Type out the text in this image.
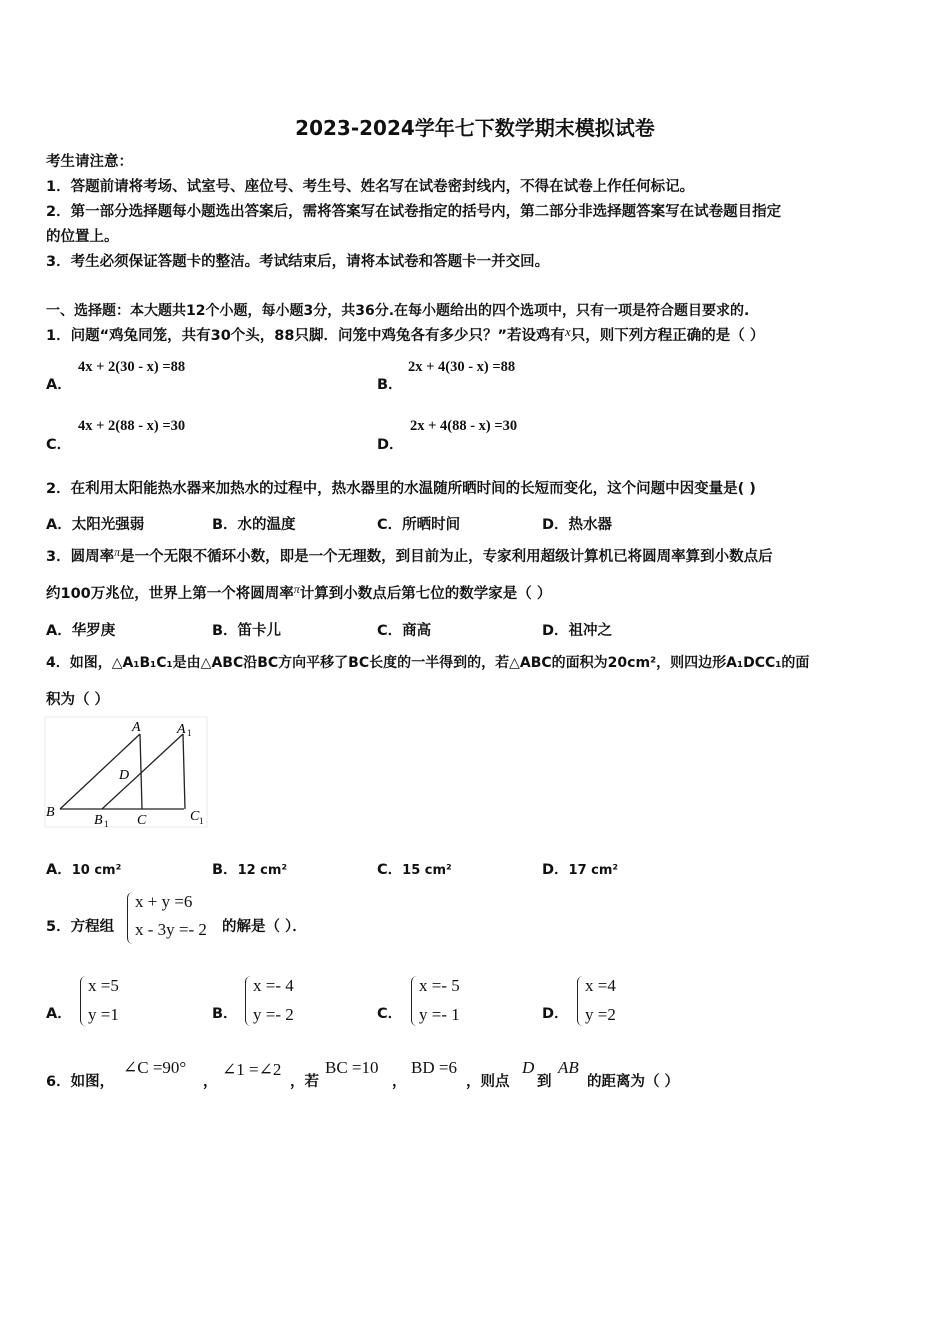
2023-2024学年七下数学期末模拟试卷
考生请注意：
1．答题前请将考场、试室号、座位号、考生号、姓名写在试卷密封线内，不得在试卷上作任何标记。
2．第一部分选择题每小题选出答案后，需将答案写在试卷指定的括号内，第二部分非选择题答案写在试卷题目指定
的位置上。
3．考生必须保证答题卡的整洁。考试结束后，请将本试卷和答题卡一并交回。
一、选择题：本大题共12个小题，每小题3分，共36分.在每小题给出的四个选项中，只有一项是符合题目要求的.
1．问题“鸡兔同笼，共有30个头，88只脚．问笼中鸡兔各有多少只？”若设鸡有x只，则下列方程正确的是（ ）
A．
4x + 2(30 - x) =88
B．
2x + 4(30 - x) =88
C．
4x + 2(88 - x) =30
D．
2x + 4(88 - x) =30
2．在利用太阳能热水器来加热水的过程中，热水器里的水温随所晒时间的长短而变化，这个问题中因变量是( )
A．太阳光强弱	B．水的温度	C．所晒时间	D．热水器
3．圆周率$^\pi$是一个无限不循环小数，即是一个无理数，到目前为止，专家利用超级计算机已将圆周率算到小数点后
约100万兆位，世界上第一个将圆周率$^\pi$计算到小数点后第七位的数学家是（ ）
A．华罗庚	B．笛卡儿	C．商高	D．祖冲之
4．如图，△A₁B₁C₁是由△ABC沿BC方向平移了BC长度的一半得到的，若△ABC的面积为20cm²，则四边形A₁DCC₁的面
积为（ ）
A	A 1
D
B
B 1 C	C 1
A．10 cm²	B．12 cm²	C．15 cm²	D．17 cm²
5．方程组
x + y =6
x - 3y =- 2 的解是（ ）．
A．
x =5
y =1	B．
x =- 4
y =- 2	C．
x =- 5
y =- 1	D．
x =4
y =2
6．如图，
∠C =90°
，
∠1 =∠2
，若
BC =10
，
BD =6
，则点
D
到
AB
的距离为（ ）
